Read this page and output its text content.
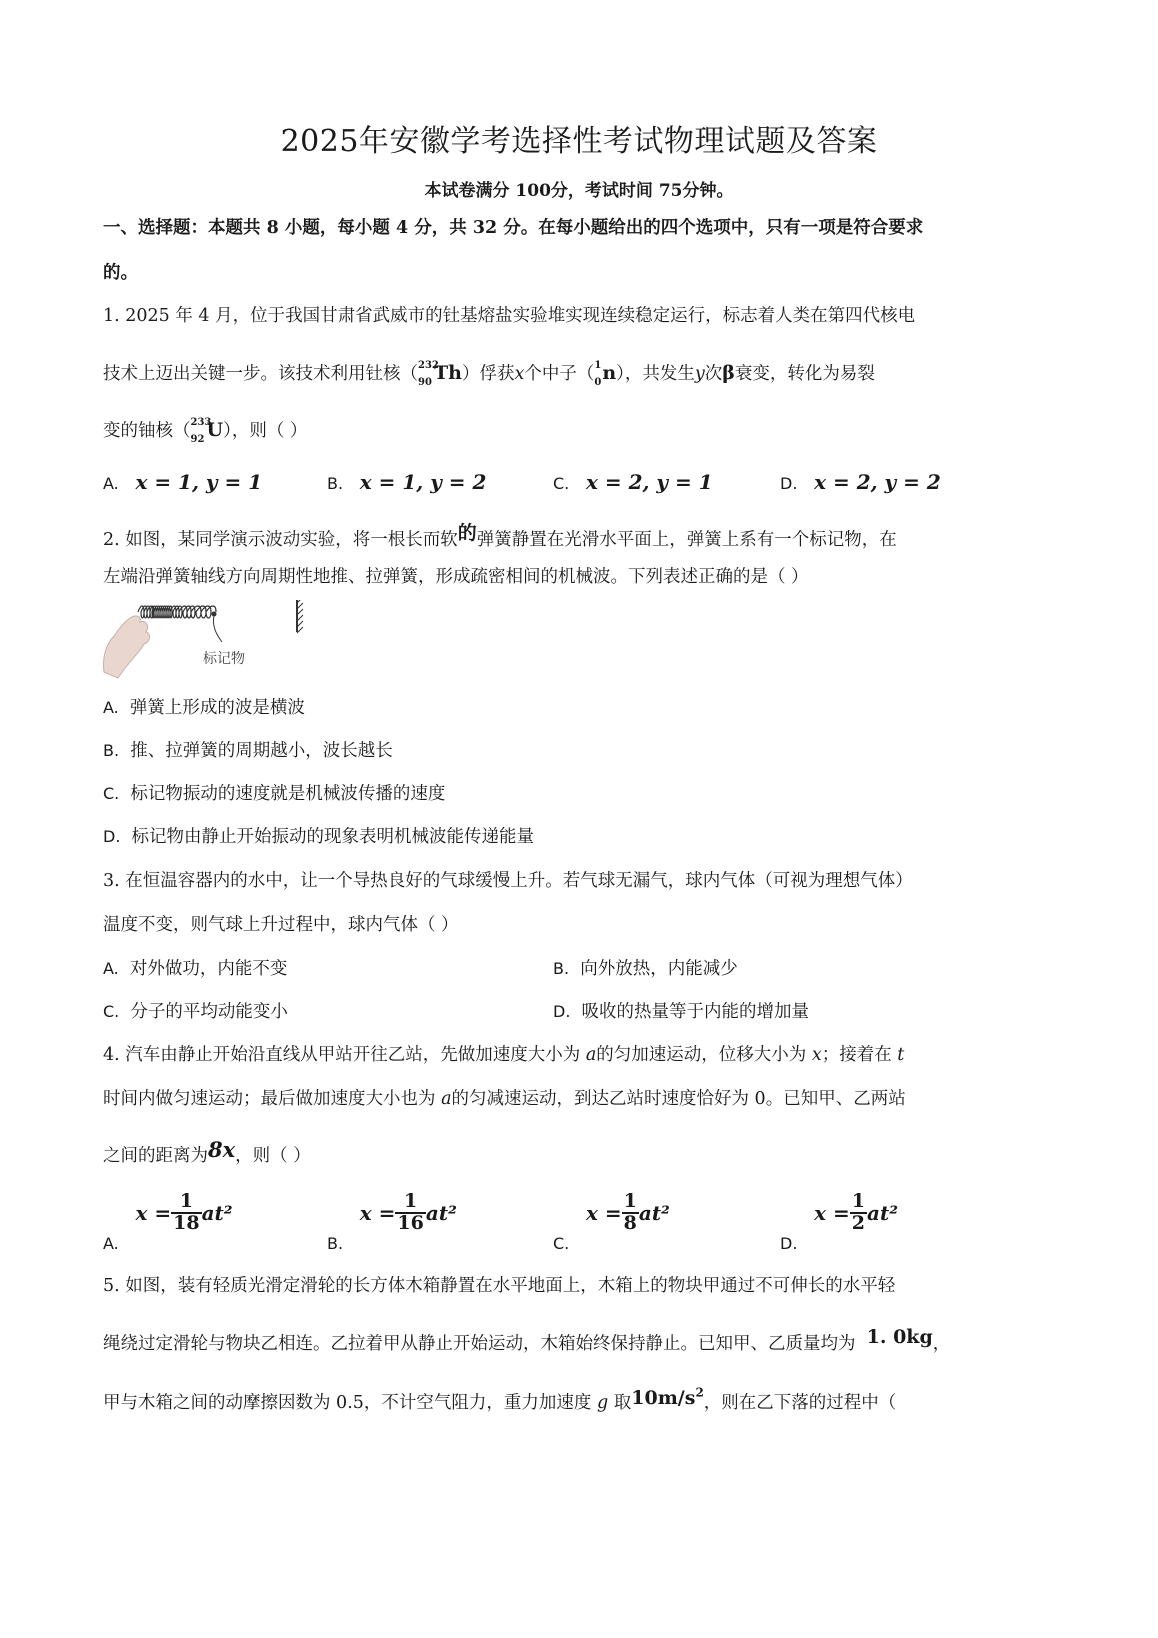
2025年安徽学考选择性考试物理试题及答案
本试卷满分 100分，考试时间 75分钟。
一、选择题：本题共 8 小题，每小题 4 分，共 32 分。在每小题给出的四个选项中，只有一项是符合要求
的。
1. 2025 年 4 月，位于我国甘肃省武威市的钍基熔盐实验堆实现连续稳定运行，标志着人类在第四代核电
技术上迈出关键一步。该技术利用钍核（ 232
90 Th）俘获x个中子（ 1
0 n），共发生y次β衰变，转化为易裂
变的铀核（ 233
92 U），则（ ）
A. x = 1, y = 1	B. x = 1, y = 2	C. x = 2, y = 1	D. x = 2, y = 2
2. 如图，某同学演示波动实验，将一根长而软的弹簧静置在光滑水平面上，弹簧上系有一个标记物，在
左端沿弹簧轴线方向周期性地推、拉弹簧，形成疏密相间的机械波。下列表述正确的是（ ）
标记物
A. 弹簧上形成的波是横波
B. 推、拉弹簧的周期越小，波长越长
C. 标记物振动的速度就是机械波传播的速度
D. 标记物由静止开始振动的现象表明机械波能传递能量
3. 在恒温容器内的水中，让一个导热良好的气球缓慢上升。若气球无漏气，球内气体（可视为理想气体）
温度不变，则气球上升过程中，球内气体（ ）
A. 对外做功，内能不变	B. 向外放热，内能减少
C. 分子的平均动能变小	D. 吸收的热量等于内能的增加量
4. 汽车由静止开始沿直线从甲站开往乙站，先做加速度大小为 a的匀加速运动，位移大小为 x；接着在 t
时间内做匀速运动；最后做加速度大小也为 a的匀减速运动，到达乙站时速度恰好为 0。已知甲、乙两站
之间的距离为8x，则（ ）
A.   $x = \frac{1}{18} at^2$
B.   $x = \frac{1}{16} at^2$
C.   $x = \frac{1}{8} at^2$
D.   $x = \frac{1}{2} at^2$
5. 如图，装有轻质光滑定滑轮的长方体木箱静置在水平地面上，木箱上的物块甲通过不可伸长的水平轻
绳绕过定滑轮与物块乙相连。乙拉着甲从静止开始运动，木箱始终保持静止。已知甲、乙质量均为 1. 0kg，
甲与木箱之间的动摩擦因数为 0.5，不计空气阻力，重力加速度 g 取$10m/s^2$，则在乙下落的过程中（
